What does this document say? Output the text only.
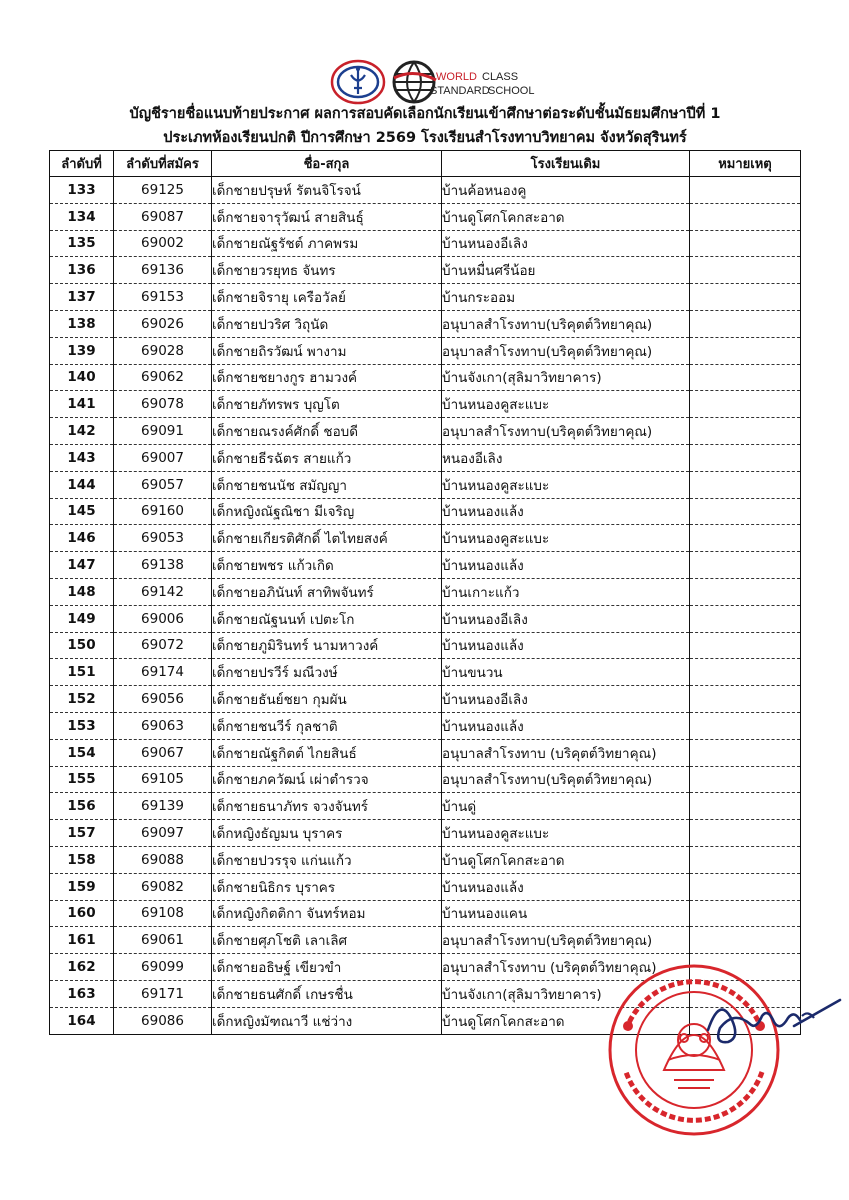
WORLD CLASS
STANDARD
SCHOOL
บัญชีรายชื่อแนบท้ายประกาศ ผลการสอบคัดเลือกนักเรียนเข้าศึกษาต่อระดับชั้นมัธยมศึกษาปีที่ 1
ประเภทห้องเรียนปกติ ปีการศึกษา 2569 โรงเรียนสำโรงทาบวิทยาคม จังหวัดสุรินทร์
ลำดับที่	ลำดับที่สมัคร	ชื่อ-สกุล	โรงเรียนเดิม	หมายเหตุ
133	69125	เด็กชายปรุษห์ รัตนจิโรจน์	บ้านค้อหนองคู	
134	69087	เด็กชายจารุวัฒน์ สายสินธุ์	บ้านดูโศกโคกสะอาด	
135	69002	เด็กชายณัฐรัชต์ ภาคพรม	บ้านหนองอีเลิง	
136	69136	เด็กชายวรยุทธ จันทร	บ้านหมื่นศรีน้อย	
137	69153	เด็กชายจิรายุ เครือวัลย์	บ้านกระออม	
138	69026	เด็กชายปวริศ วิถุนัด	อนุบาลสำโรงทาบ(บริคุตต์วิทยาคุณ)	
139	69028	เด็กชายถิรวัฒน์ พางาม	อนุบาลสำโรงทาบ(บริคุตต์วิทยาคุณ)	
140	69062	เด็กชายชยางกูร ฮามวงค์	บ้านจังเกา(สุลิมาวิทยาคาร)	
141	69078	เด็กชายภัทรพร บุญโต	บ้านหนองคูสะแบะ	
142	69091	เด็กชายณรงค์ศักดิ์ ชอบดี	อนุบาลสำโรงทาบ(บริคุตต์วิทยาคุณ)	
143	69007	เด็กชายธีรฉัตร สายแก้ว	หนองอีเลิง	
144	69057	เด็กชายชนนัช สมัญญา	บ้านหนองคูสะแบะ	
145	69160	เด็กหญิงณัฐณิชา มีเจริญ	บ้านหนองแล้ง	
146	69053	เด็กชายเกียรติศักดิ์ ไตไทยสงค์	บ้านหนองคูสะแบะ	
147	69138	เด็กชายพชร แก้วเกิด	บ้านหนองแล้ง	
148	69142	เด็กชายอภินันท์ สาทิพจันทร์	บ้านเกาะแก้ว	
149	69006	เด็กชายณัฐนนท์ เปตะโก	บ้านหนองอีเลิง	
150	69072	เด็กชายภูมิรินทร์ นามหาวงค์	บ้านหนองแล้ง	
151	69174	เด็กชายปรวีร์ มณีวงษ์	บ้านขนวน	
152	69056	เด็กชายธันย์ชยา กุมผัน	บ้านหนองอีเลิง	
153	69063	เด็กชายชนวีร์ กุลชาติ	บ้านหนองแล้ง	
154	69067	เด็กชายณัฐกิตต์ ไกยสินธ์	อนุบาลสำโรงทาบ (บริคุตต์วิทยาคุณ)	
155	69105	เด็กชายภควัฒน์ เผ่าตำรวจ	อนุบาลสำโรงทาบ(บริคุตต์วิทยาคุณ)	
156	69139	เด็กชายธนาภัทร จวงจันทร์	บ้านดู่	
157	69097	เด็กหญิงธัญมน บุราคร	บ้านหนองคูสะแบะ	
158	69088	เด็กชายปวรรุจ แก่นแก้ว	บ้านดูโศกโคกสะอาด	
159	69082	เด็กชายนิธิกร บุราคร	บ้านหนองแล้ง	
160	69108	เด็กหญิงกิตติกา จันทร์หอม	บ้านหนองแคน	
161	69061	เด็กชายศุภโชติ เลาเลิศ	อนุบาลสำโรงทาบ(บริคุตต์วิทยาคุณ)	
162	69099	เด็กชายอธิษฐ์ เขียวขำ	อนุบาลสำโรงทาบ (บริคุตต์วิทยาคุณ)	
163	69171	เด็กชายธนศักดิ์ เกษรชื่น	บ้านจังเกา(สุลิมาวิทยาคาร)	
164	69086	เด็กหญิงมัฑณาวี แช่ว่าง	บ้านดูโศกโคกสะอาด	
